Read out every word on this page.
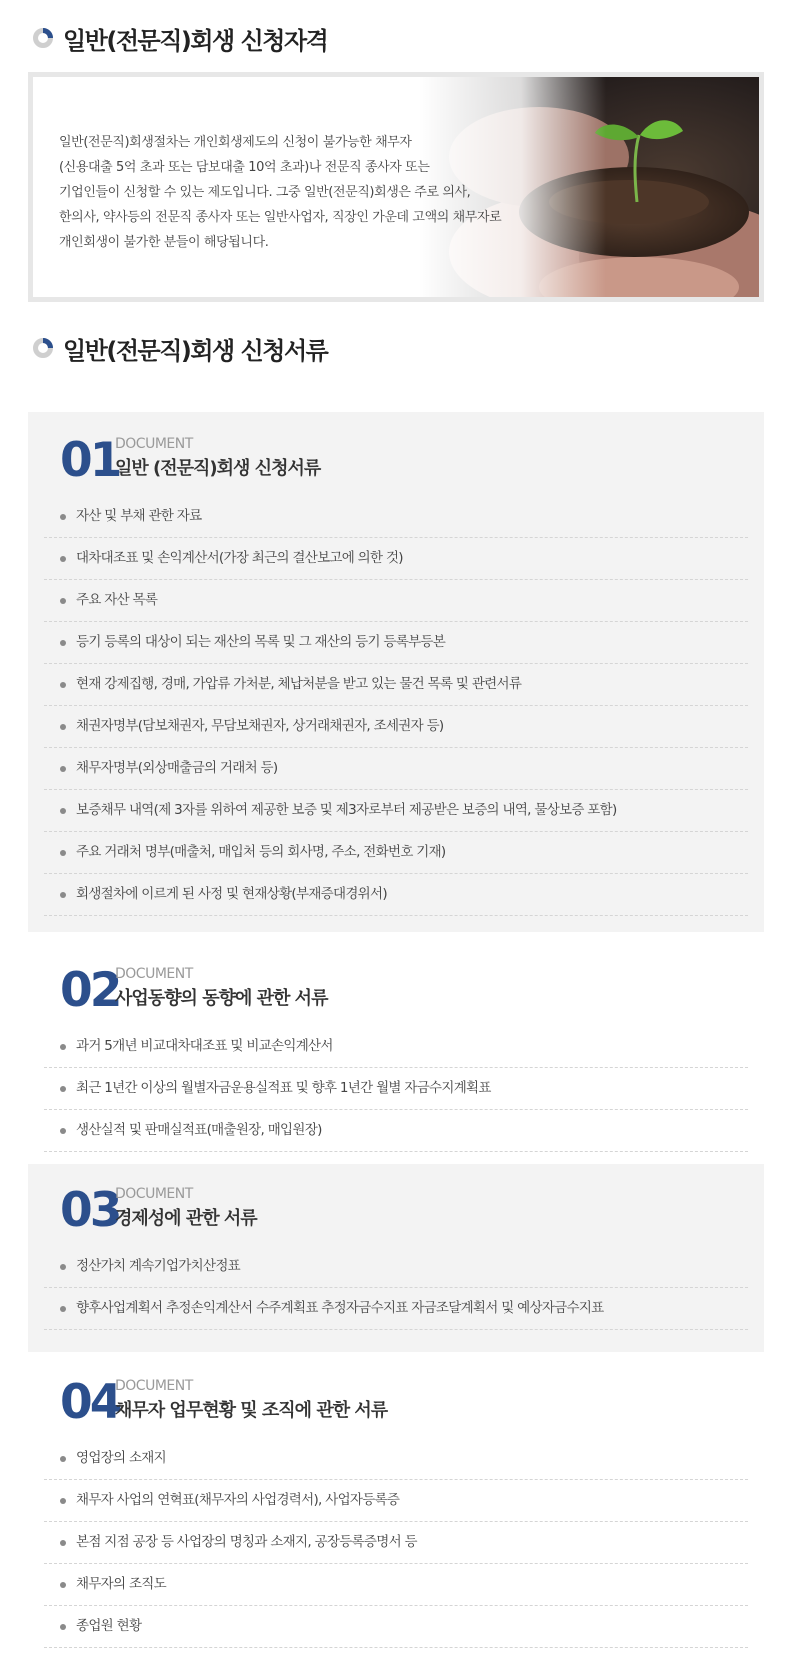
일반(전문직)회생 신청자격
일반(전문직)회생절차는 개인회생제도의 신청이 불가능한 채무자
(신용대출 5억 초과 또는 담보대출 10억 초과)나 전문직 종사자 또는
기업인들이 신청할 수 있는 제도입니다. 그중 일반(전문직)회생은 주로 의사,
한의사, 약사등의 전문직 종사자 또는 일반사업자, 직장인 가운데 고액의 채무자로
개인회생이 불가한 분들이 해당됩니다.
일반(전문직)회생 신청서류
01
DOCUMENT
일반 (전문직)회생 신청서류
자산 및 부채 관한 자료
대차대조표 및 손익계산서(가장 최근의 결산보고에 의한 것)
주요 자산 목록
등기 등록의 대상이 되는 재산의 목록 및 그 재산의 등기 등록부등본
현재 강제집행, 경매, 가압류 가처분, 체납처분을 받고 있는 물건 목록 및 관련서류
채권자명부(담보채권자, 무담보채권자, 상거래채권자, 조세권자 등)
채무자명부(외상매출금의 거래처 등)
보증채무 내역(제 3자를 위하여 제공한 보증 및 제3자로부터 제공받은 보증의 내역, 물상보증 포함)
주요 거래처 명부(매출처, 매입처 등의 회사명, 주소, 전화번호 기재)
회생절차에 이르게 된 사정 및 현재상황(부재증대경위서)
02
DOCUMENT
사업동향의 동향에 관한 서류
과거 5개년 비교대차대조표 및 비교손익계산서
최근 1년간 이상의 월별자금운용실적표 및 향후 1년간 월별 자금수지계획표
생산실적 및 판매실적표(매출원장, 매입원장)
03
DOCUMENT
경제성에 관한 서류
정산가치 계속기업가치산정표
향후사업계획서 추정손익계산서 수주계획표 추정자금수지표 자금조달계획서 및 예상자금수지표
04
DOCUMENT
채무자 업무현황 및 조직에 관한 서류
영업장의 소재지
채무자 사업의 연혁표(채무자의 사업경력서), 사업자등록증
본점 지점 공장 등 사업장의 명칭과 소재지, 공장등록증명서 등
채무자의 조직도
종업원 현황
